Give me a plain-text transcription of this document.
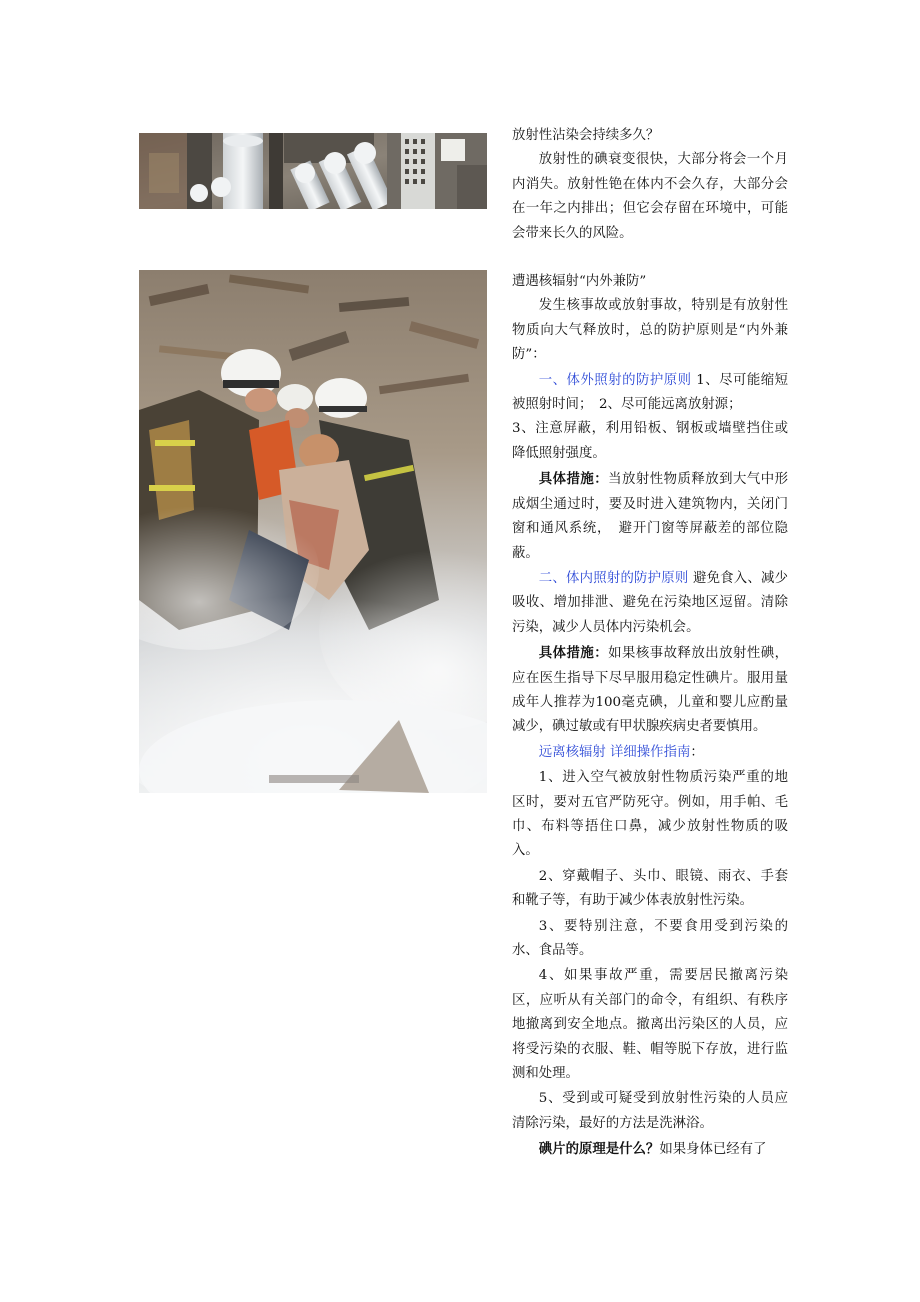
放射性沾染会持续多久？

放射性的碘衰变很快，大部分将会一个月内消失。放射性铯在体内不会久存，大部分会在一年之内排出；但它会存留在环境中，可能会带来长久的风险。

遭遇核辐射“内外兼防”

发生核事故或放射事故，特别是有放射性物质向大气释放时，总的防护原则是“内外兼防”：

一、体外照射的防护原则 1、尽可能缩短被照射时间；　2、尽可能远离放射源；

3、注意屏蔽，利用铅板、钢板或墙壁挡住或降低照射强度。

具体措施：当放射性物质释放到大气中形成烟尘通过时，要及时进入建筑物内，关闭门窗和通风系统，　避开门窗等屏蔽差的部位隐蔽。

二、体内照射的防护原则 避免食入、减少吸收、增加排泄、避免在污染地区逗留。清除污染，减少人员体内污染机会。

具体措施：如果核事故释放出放射性碘，应在医生指导下尽早服用稳定性碘片。服用量成年人推荐为100毫克碘，儿童和婴儿应酌量减少，碘过敏或有甲状腺疾病史者要慎用。

远离核辐射 详细操作指南：

1、进入空气被放射性物质污染严重的地区时，要对五官严防死守。例如，用手帕、毛巾、布料等捂住口鼻，减少放射性物质的吸入。

2、穿戴帽子、头巾、眼镜、雨衣、手套和靴子等，有助于减少体表放射性污染。

3、要特别注意，不要食用受到污染的水、食品等。

4、如果事故严重，需要居民撤离污染区，应听从有关部门的命令，有组织、有秩序地撤离到安全地点。撤离出污染区的人员，应将受污染的衣服、鞋、帽等脱下存放，进行监测和处理。

5、受到或可疑受到放射性污染的人员应清除污染，最好的方法是洗淋浴。

碘片的原理是什么？如果身体已经有了
